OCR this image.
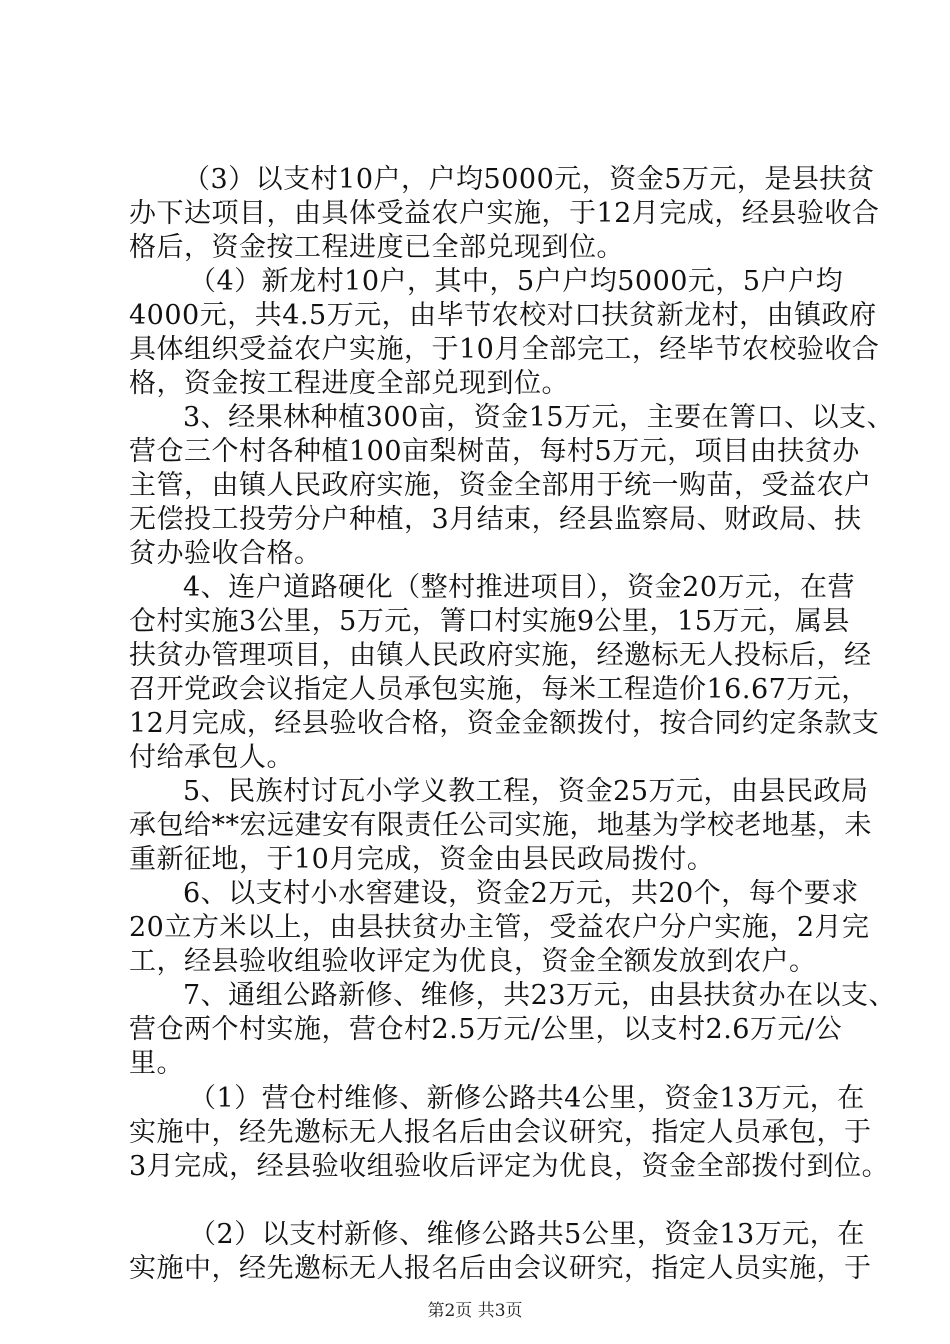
（3）以支村10户，户均5000元，资金5万元，是县扶贫
办下达项目，由具体受益农户实施，于12月完成，经县验收合
格后，资金按工程进度已全部兑现到位。
（4）新龙村10户，其中，5户户均5000元，5户户均
4000元，共4.5万元，由毕节农校对口扶贫新龙村，由镇政府
具体组织受益农户实施，于10月全部完工，经毕节农校验收合
格，资金按工程进度全部兑现到位。
3、经果林种植300亩，资金15万元，主要在箐口、以支、
营仓三个村各种植100亩梨树苗，每村5万元，项目由扶贫办
主管，由镇人民政府实施，资金全部用于统一购苗，受益农户
无偿投工投劳分户种植，3月结束，经县监察局、财政局、扶
贫办验收合格。
4、连户道路硬化（整村推进项目），资金20万元，在营
仓村实施3公里，5万元，箐口村实施9公里，15万元，属县
扶贫办管理项目，由镇人民政府实施，经邀标无人投标后，经
召开党政会议指定人员承包实施，每米工程造价16.67万元，
12月完成，经县验收合格，资金金额拨付，按合同约定条款支
付给承包人。
5、民族村讨瓦小学义教工程，资金25万元，由县民政局
承包给**宏远建安有限责任公司实施，地基为学校老地基，未
重新征地，于10月完成，资金由县民政局拨付。
6、以支村小水窖建设，资金2万元，共20个，每个要求
20立方米以上，由县扶贫办主管，受益农户分户实施，2月完
工，经县验收组验收评定为优良，资金全额发放到农户。
7、通组公路新修、维修，共23万元，由县扶贫办在以支、
营仓两个村实施，营仓村2.5万元/公里，以支村2.6万元/公
里。
（1）营仓村维修、新修公路共4公里，资金13万元，在
实施中，经先邀标无人报名后由会议研究，指定人员承包，于
3月完成，经县验收组验收后评定为优良，资金全部拨付到位。
（2）以支村新修、维修公路共5公里，资金13万元，在
实施中，经先邀标无人报名后由会议研究，指定人员实施，于
第2页 共3页
